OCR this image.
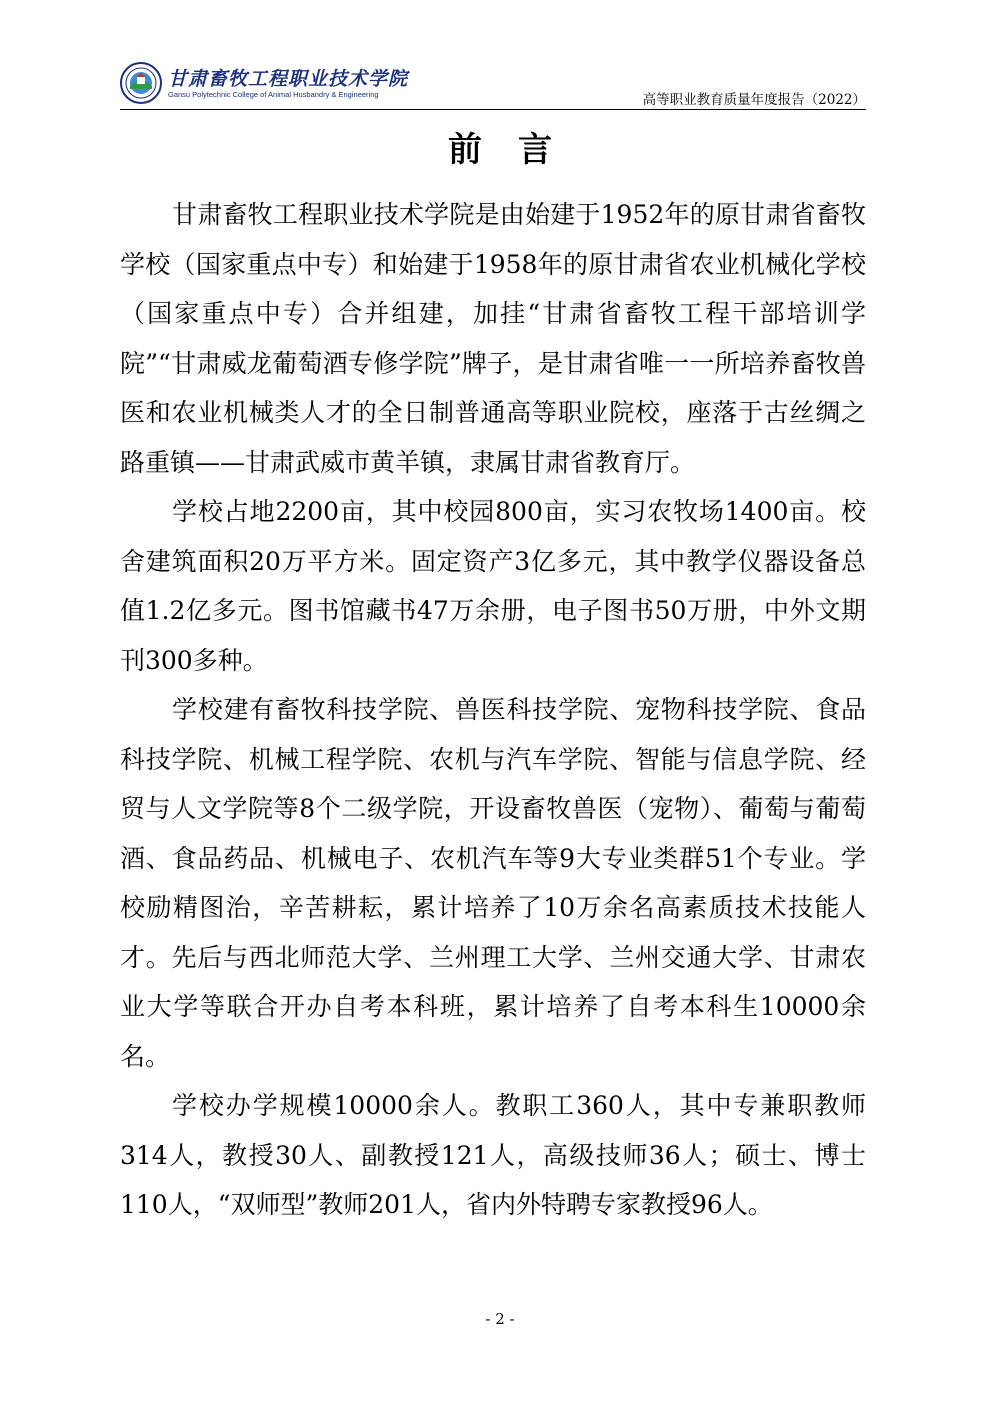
甘肃畜牧工程职业技术学院
Gansu Polytechnic College of Animal Husbandry & Engineering	高等职业教育质量年度报告（2022）
前言

甘肃畜牧工程职业技术学院是由始建于1952年的原甘肃省畜牧学校（国家重点中专）和始建于1958年的原甘肃省农业机械化学校（国家重点中专）合并组建，加挂“甘肃省畜牧工程干部培训学院”“甘肃威龙葡萄酒专修学院”牌子，是甘肃省唯一一所培养畜牧兽医和农业机械类人才的全日制普通高等职业院校，座落于古丝绸之路重镇——甘肃武威市黄羊镇，隶属甘肃省教育厅。

学校占地2200亩，其中校园800亩，实习农牧场1400亩。校舍建筑面积20万平方米。固定资产3亿多元，其中教学仪器设备总值1.2亿多元。图书馆藏书47万余册，电子图书50万册，中外文期刊300多种。

学校建有畜牧科技学院、兽医科技学院、宠物科技学院、食品科技学院、机械工程学院、农机与汽车学院、智能与信息学院、经贸与人文学院等8个二级学院，开设畜牧兽医（宠物）、葡萄与葡萄酒、食品药品、机械电子、农机汽车等9大专业类群51个专业。学校励精图治，辛苦耕耘，累计培养了10万余名高素质技术技能人才。先后与西北师范大学、兰州理工大学、兰州交通大学、甘肃农业大学等联合开办自考本科班，累计培养了自考本科生10000余名。

学校办学规模10000余人。教职工360人，其中专兼职教师314人，教授30人、副教授121人，高级技师36人；硕士、博士110人，“双师型”教师201人，省内外特聘专家教授96人。

- 2 -
